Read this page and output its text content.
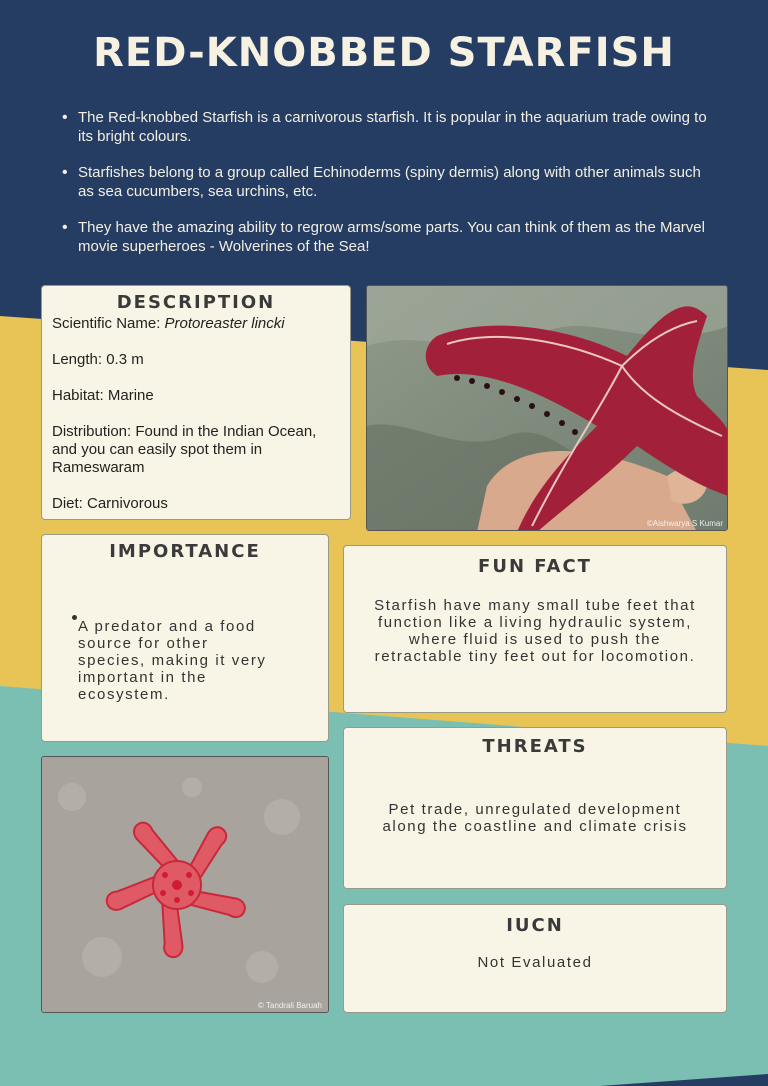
RED-KNOBBED STARFISH
• The Red-knobbed Starfish is a carnivorous starfish. It is popular in the aquarium trade owing to its bright colours.
• Starfishes belong to a group called Echinoderms (spiny dermis) along with other animals such as sea cucumbers, sea urchins, etc.
• They have the amazing ability to regrow arms/some parts. You can think of them as the Marvel movie superheroes - Wolverines of the Sea!
DESCRIPTION

Scientific Name: Protoreaster lincki

Length: 0.3 m

Habitat: Marine

Distribution: Found in the Indian Ocean, and you can easily spot them in Rameswaram

Diet: Carnivorous

©Aishwarya S Kumar
IMPORTANCE
A predator and a food source for other species, making it very important in the ecosystem.
FUN FACT

Starfish have many small tube feet that function like a living hydraulic system, where fluid is used to push the retractable tiny feet out for locomotion.

© Tandrali Baruah
THREATS

Pet trade, unregulated development along the coastline and climate crisis

IUCN

Not Evaluated
